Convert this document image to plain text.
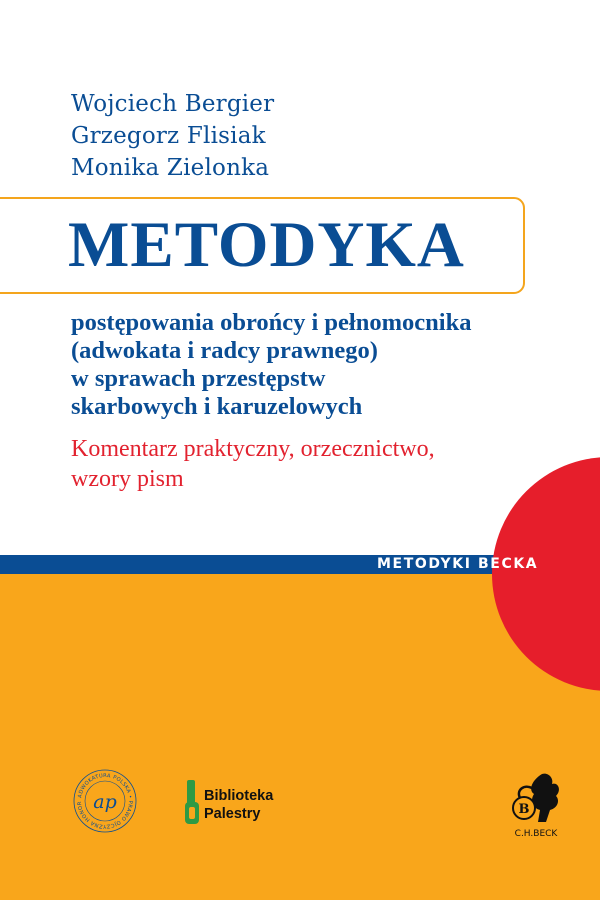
Wojciech Bergier
Grzegorz Flisiak
Monika Zielonka
METODYKA
postępowania obrońcy i pełnomocnika
(adwokata i radcy prawnego)
w sprawach przestępstw
skarbowych i karuzelowych
Komentarz praktyczny, orzecznictwo,
wzory pism
METODYKI BECKA
ADWOKATURA POLSKA • PRAWO OJCZYZNA HONOR ap	Biblioteka
Palestry	B
C.H.BECK
